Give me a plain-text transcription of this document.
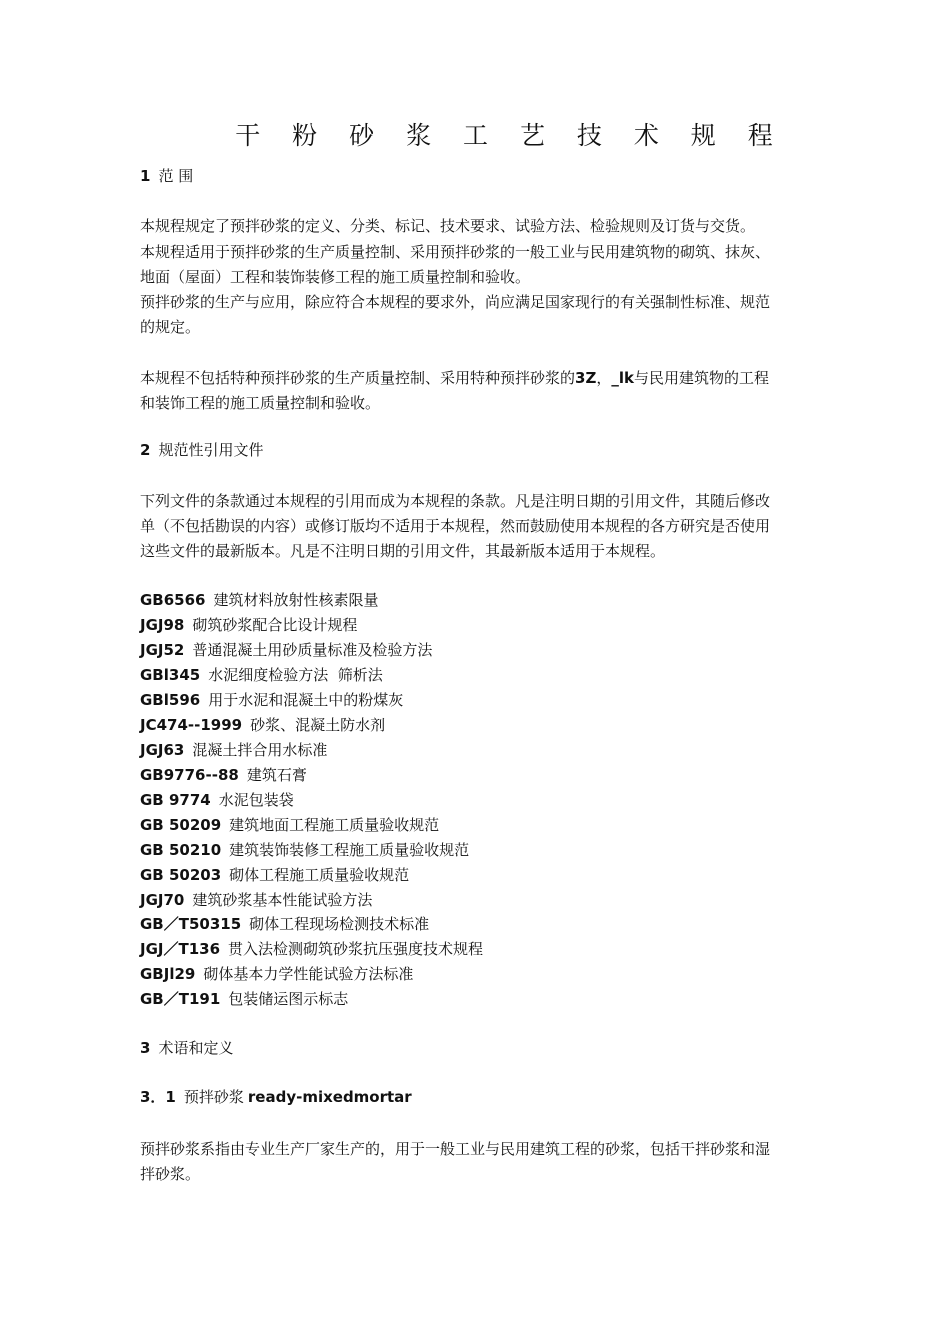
干 粉 砂 浆 工 艺 技 术 规 程
1 范 围
本规程规定了预拌砂浆的定义、分类、标记、技术要求、试验方法、检验规则及订货与交货。
本规程适用于预拌砂浆的生产质量控制、采用预拌砂浆的一般工业与民用建筑物的砌筑、抹灰、
地面（屋面）工程和装饰装修工程的施工质量控制和验收。
预拌砂浆的生产与应用，除应符合本规程的要求外，尚应满足国家现行的有关强制性标准、规范
的规定。
本规程不包括特种预拌砂浆的生产质量控制、采用特种预拌砂浆的3Z，_lk与民用建筑物的工程
和装饰工程的施工质量控制和验收。
2 规范性引用文件
下列文件的条款通过本规程的引用而成为本规程的条款。凡是注明日期的引用文件，其随后修改
单（不包括勘误的内容）或修订版均不适用于本规程，然而鼓励使用本规程的各方研究是否使用
这些文件的最新版本。凡是不注明日期的引用文件，其最新版本适用于本规程。
GB6566 建筑材料放射性核素限量
JGJ98 砌筑砂浆配合比设计规程
JGJ52 普通混凝土用砂质量标准及检验方法
GBl345 水泥细度检验方法  筛析法
GBl596 用于水泥和混凝土中的粉煤灰
JC474--1999 砂浆、混凝土防水剂
JGJ63 混凝土拌合用水标准
GB9776--88 建筑石膏
GB 9774 水泥包装袋
GB 50209 建筑地面工程施工质量验收规范
GB 50210 建筑装饰装修工程施工质量验收规范
GB 50203 砌体工程施工质量验收规范
JGJ70 建筑砂浆基本性能试验方法
GB／T50315 砌体工程现场检测技术标准
JGJ／T136 贯入法检测砌筑砂浆抗压强度技术规程
GBJl29 砌体基本力学性能试验方法标准
GB／T191 包装储运图示标志
3 术语和定义
3．1 预拌砂浆 ready-mixedmortar
预拌砂浆系指由专业生产厂家生产的，用于一般工业与民用建筑工程的砂浆，包括干拌砂浆和湿
拌砂浆。
